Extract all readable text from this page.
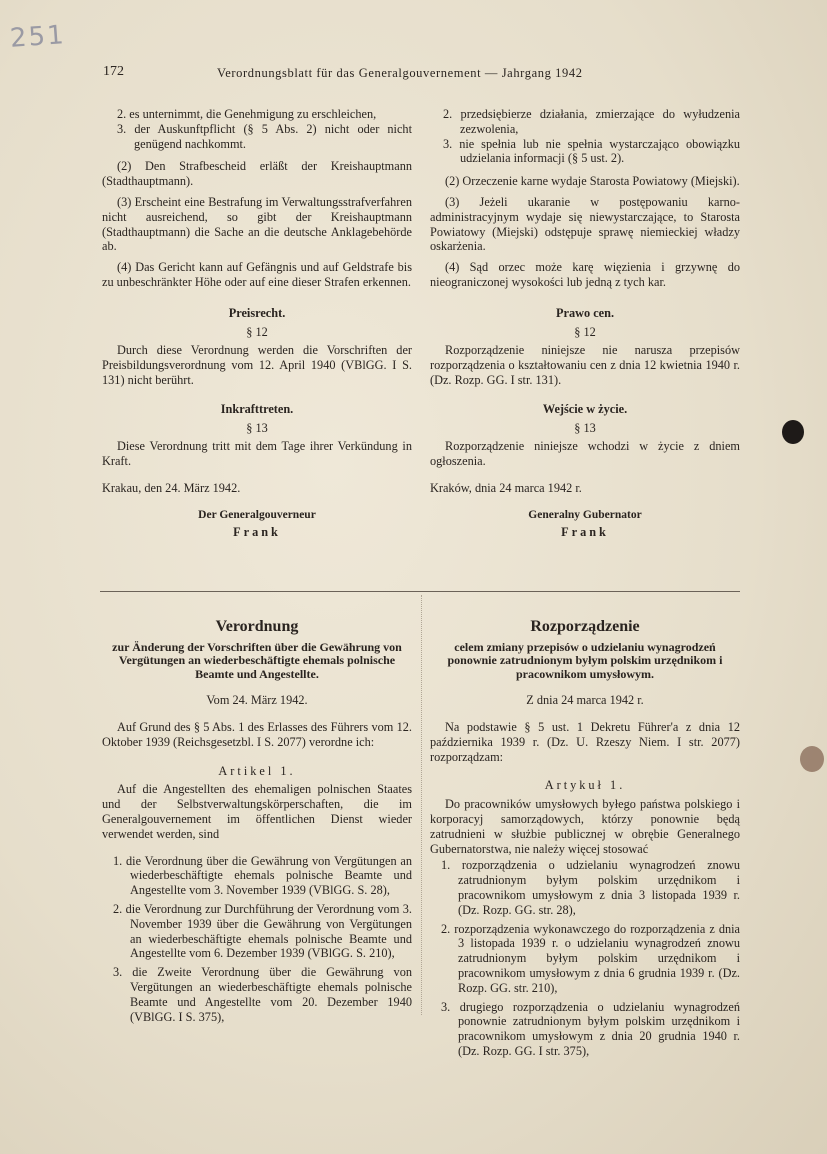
251
172	Verordnungsblatt für das Generalgouvernement — Jahrgang 1942

2. es unternimmt, die Genehmigung zu erschleichen,

3. der Auskunftpflicht (§ 5 Abs. 2) nicht oder nicht genügend nachkommt.

(2) Den Strafbescheid erläßt der Kreishauptmann (Stadthauptmann).

(3) Erscheint eine Bestrafung im Verwaltungsstrafverfahren nicht ausreichend, so gibt der Kreishauptmann (Stadthauptmann) die Sache an die deutsche Anklagebehörde ab.

(4) Das Gericht kann auf Gefängnis und auf Geldstrafe bis zu unbeschränkter Höhe oder auf eine dieser Strafen erkennen.

Preisrecht.

§ 12

Durch diese Verordnung werden die Vorschriften der Preisbildungsverordnung vom 12. April 1940 (VBlGG. I S. 131) nicht berührt.

Inkrafttreten.

§ 13

Diese Verordnung tritt mit dem Tage ihrer Verkündung in Kraft.

Krakau, den 24. März 1942.

Der Generalgouverneur

Frank

2. przedsiębierze działania, zmierzające do wyłudzenia zezwolenia,

3. nie spełnia lub nie spełnia wystarczająco obowiązku udzielania informacji (§ 5 ust. 2).

(2) Orzeczenie karne wydaje Starosta Powiatowy (Miejski).

(3) Jeżeli ukaranie w postępowaniu karno-administracyjnym wydaje się niewystarczające, to Starosta Powiatowy (Miejski) odstępuje sprawę niemieckiej władzy oskarżenia.

(4) Sąd orzec może karę więzienia i grzywnę do nieograniczonej wysokości lub jedną z tych kar.

Prawo cen.

§ 12

Rozporządzenie niniejsze nie narusza przepisów rozporządzenia o kształtowaniu cen z dnia 12 kwietnia 1940 r. (Dz. Rozp. GG. I str. 131).

Wejście w życie.

§ 13

Rozporządzenie niniejsze wchodzi w życie z dniem ogłoszenia.

Kraków, dnia 24 marca 1942 r.

Generalny Gubernator

Frank

Verordnung

zur Änderung der Vorschriften über die Gewährung von Vergütungen an wiederbeschäftigte ehemals polnische Beamte und Angestellte.

Vom 24. März 1942.

Auf Grund des § 5 Abs. 1 des Erlasses des Führers vom 12. Oktober 1939 (Reichsgesetzbl. I S. 2077) verordne ich:

Artikel 1.

Auf die Angestellten des ehemaligen polnischen Staates und der Selbstverwaltungskörperschaften, die im Generalgouvernement im öffentlichen Dienst wieder verwendet werden, sind

1. die Verordnung über die Gewährung von Vergütungen an wiederbeschäftigte ehemals polnische Beamte und Angestellte vom 3. November 1939 (VBlGG. S. 28),

2. die Verordnung zur Durchführung der Verordnung vom 3. November 1939 über die Gewährung von Vergütungen an wiederbeschäftigte ehemals polnische Beamte und Angestellte vom 6. Dezember 1939 (VBlGG. S. 210),

3. die Zweite Verordnung über die Gewährung von Vergütungen an wiederbeschäftigte ehemals polnische Beamte und Angestellte vom 20. Dezember 1940 (VBlGG. I S. 375),

Rozporządzenie

celem zmiany przepisów o udzielaniu wynagrodzeń ponownie zatrudnionym byłym polskim urzędnikom i pracownikom umysłowym.

Z dnia 24 marca 1942 r.

Na podstawie § 5 ust. 1 Dekretu Führer'a z dnia 12 października 1939 r. (Dz. U. Rzeszy Niem. I str. 2077) rozporządzam:

Artykuł 1.

Do pracowników umysłowych byłego państwa polskiego i korporacyj samorządowych, którzy ponownie będą zatrudnieni w służbie publicznej w obrębie Generalnego Gubernatorstwa, nie należy więcej stosować

1. rozporządzenia o udzielaniu wynagrodzeń znowu zatrudnionym byłym polskim urzędnikom i pracownikom umysłowym z dnia 3 listopada 1939 r. (Dz. Rozp. GG. str. 28),

2. rozporządzenia wykonawczego do rozporządzenia z dnia 3 listopada 1939 r. o udzielaniu wynagrodzeń znowu zatrudnionym byłym polskim urzędnikom i pracownikom umysłowym z dnia 6 grudnia 1939 r. (Dz. Rozp. GG. str. 210),

3. drugiego rozporządzenia o udzielaniu wynagrodzeń ponownie zatrudnionym byłym polskim urzędnikom i pracownikom umysłowym z dnia 20 grudnia 1940 r. (Dz. Rozp. GG. I str. 375),
